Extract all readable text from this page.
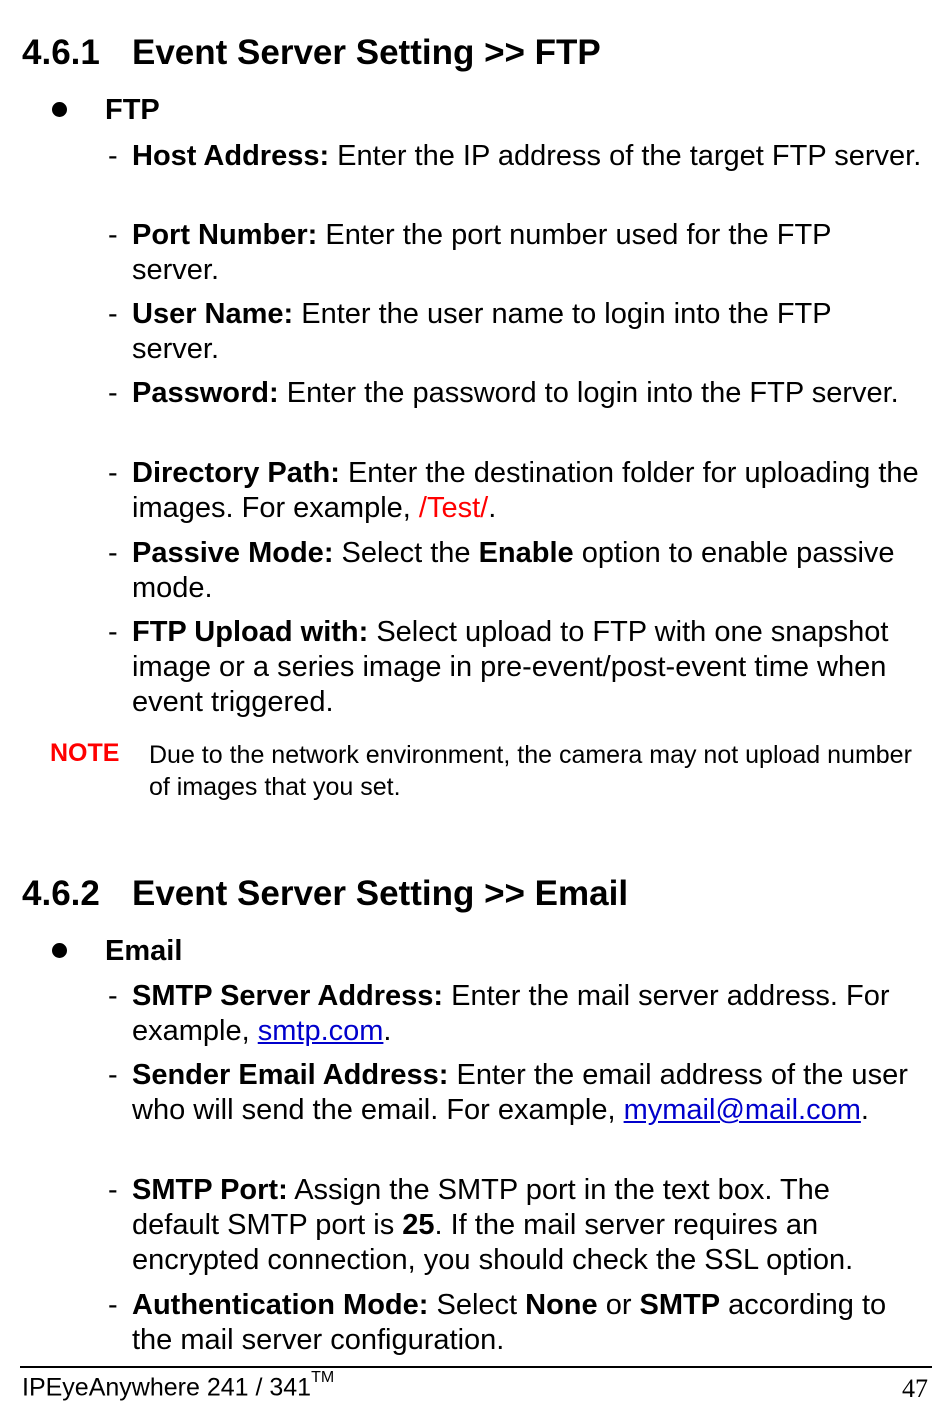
4.6.1 Event Server Setting >> FTP
FTP
- Host Address: Enter the IP address of the target FTP server.
- Port Number: Enter the port number used for the FTP server.
- User Name: Enter the user name to login into the FTP server.
- Password: Enter the password to login into the FTP server.
- Directory Path: Enter the destination folder for uploading the images. For example, /Test/.
- Passive Mode: Select the Enable option to enable passive mode.
- FTP Upload with: Select upload to FTP with one snapshot image or a series image in pre-event/post-event time when event triggered.
NOTE Due to the network environment, the camera may not upload number of images that you set.
4.6.2 Event Server Setting >> Email
Email
- SMTP Server Address: Enter the mail server address. For example, smtp.com.
- Sender Email Address: Enter the email address of the user who will send the email. For example, mymail@mail.com.
- SMTP Port: Assign the SMTP port in the text box. The default SMTP port is 25. If the mail server requires an encrypted connection, you should check the SSL option.
- Authentication Mode: Select None or SMTP according to the mail server configuration.
IPEyeAnywhere 241 / 341™	47
